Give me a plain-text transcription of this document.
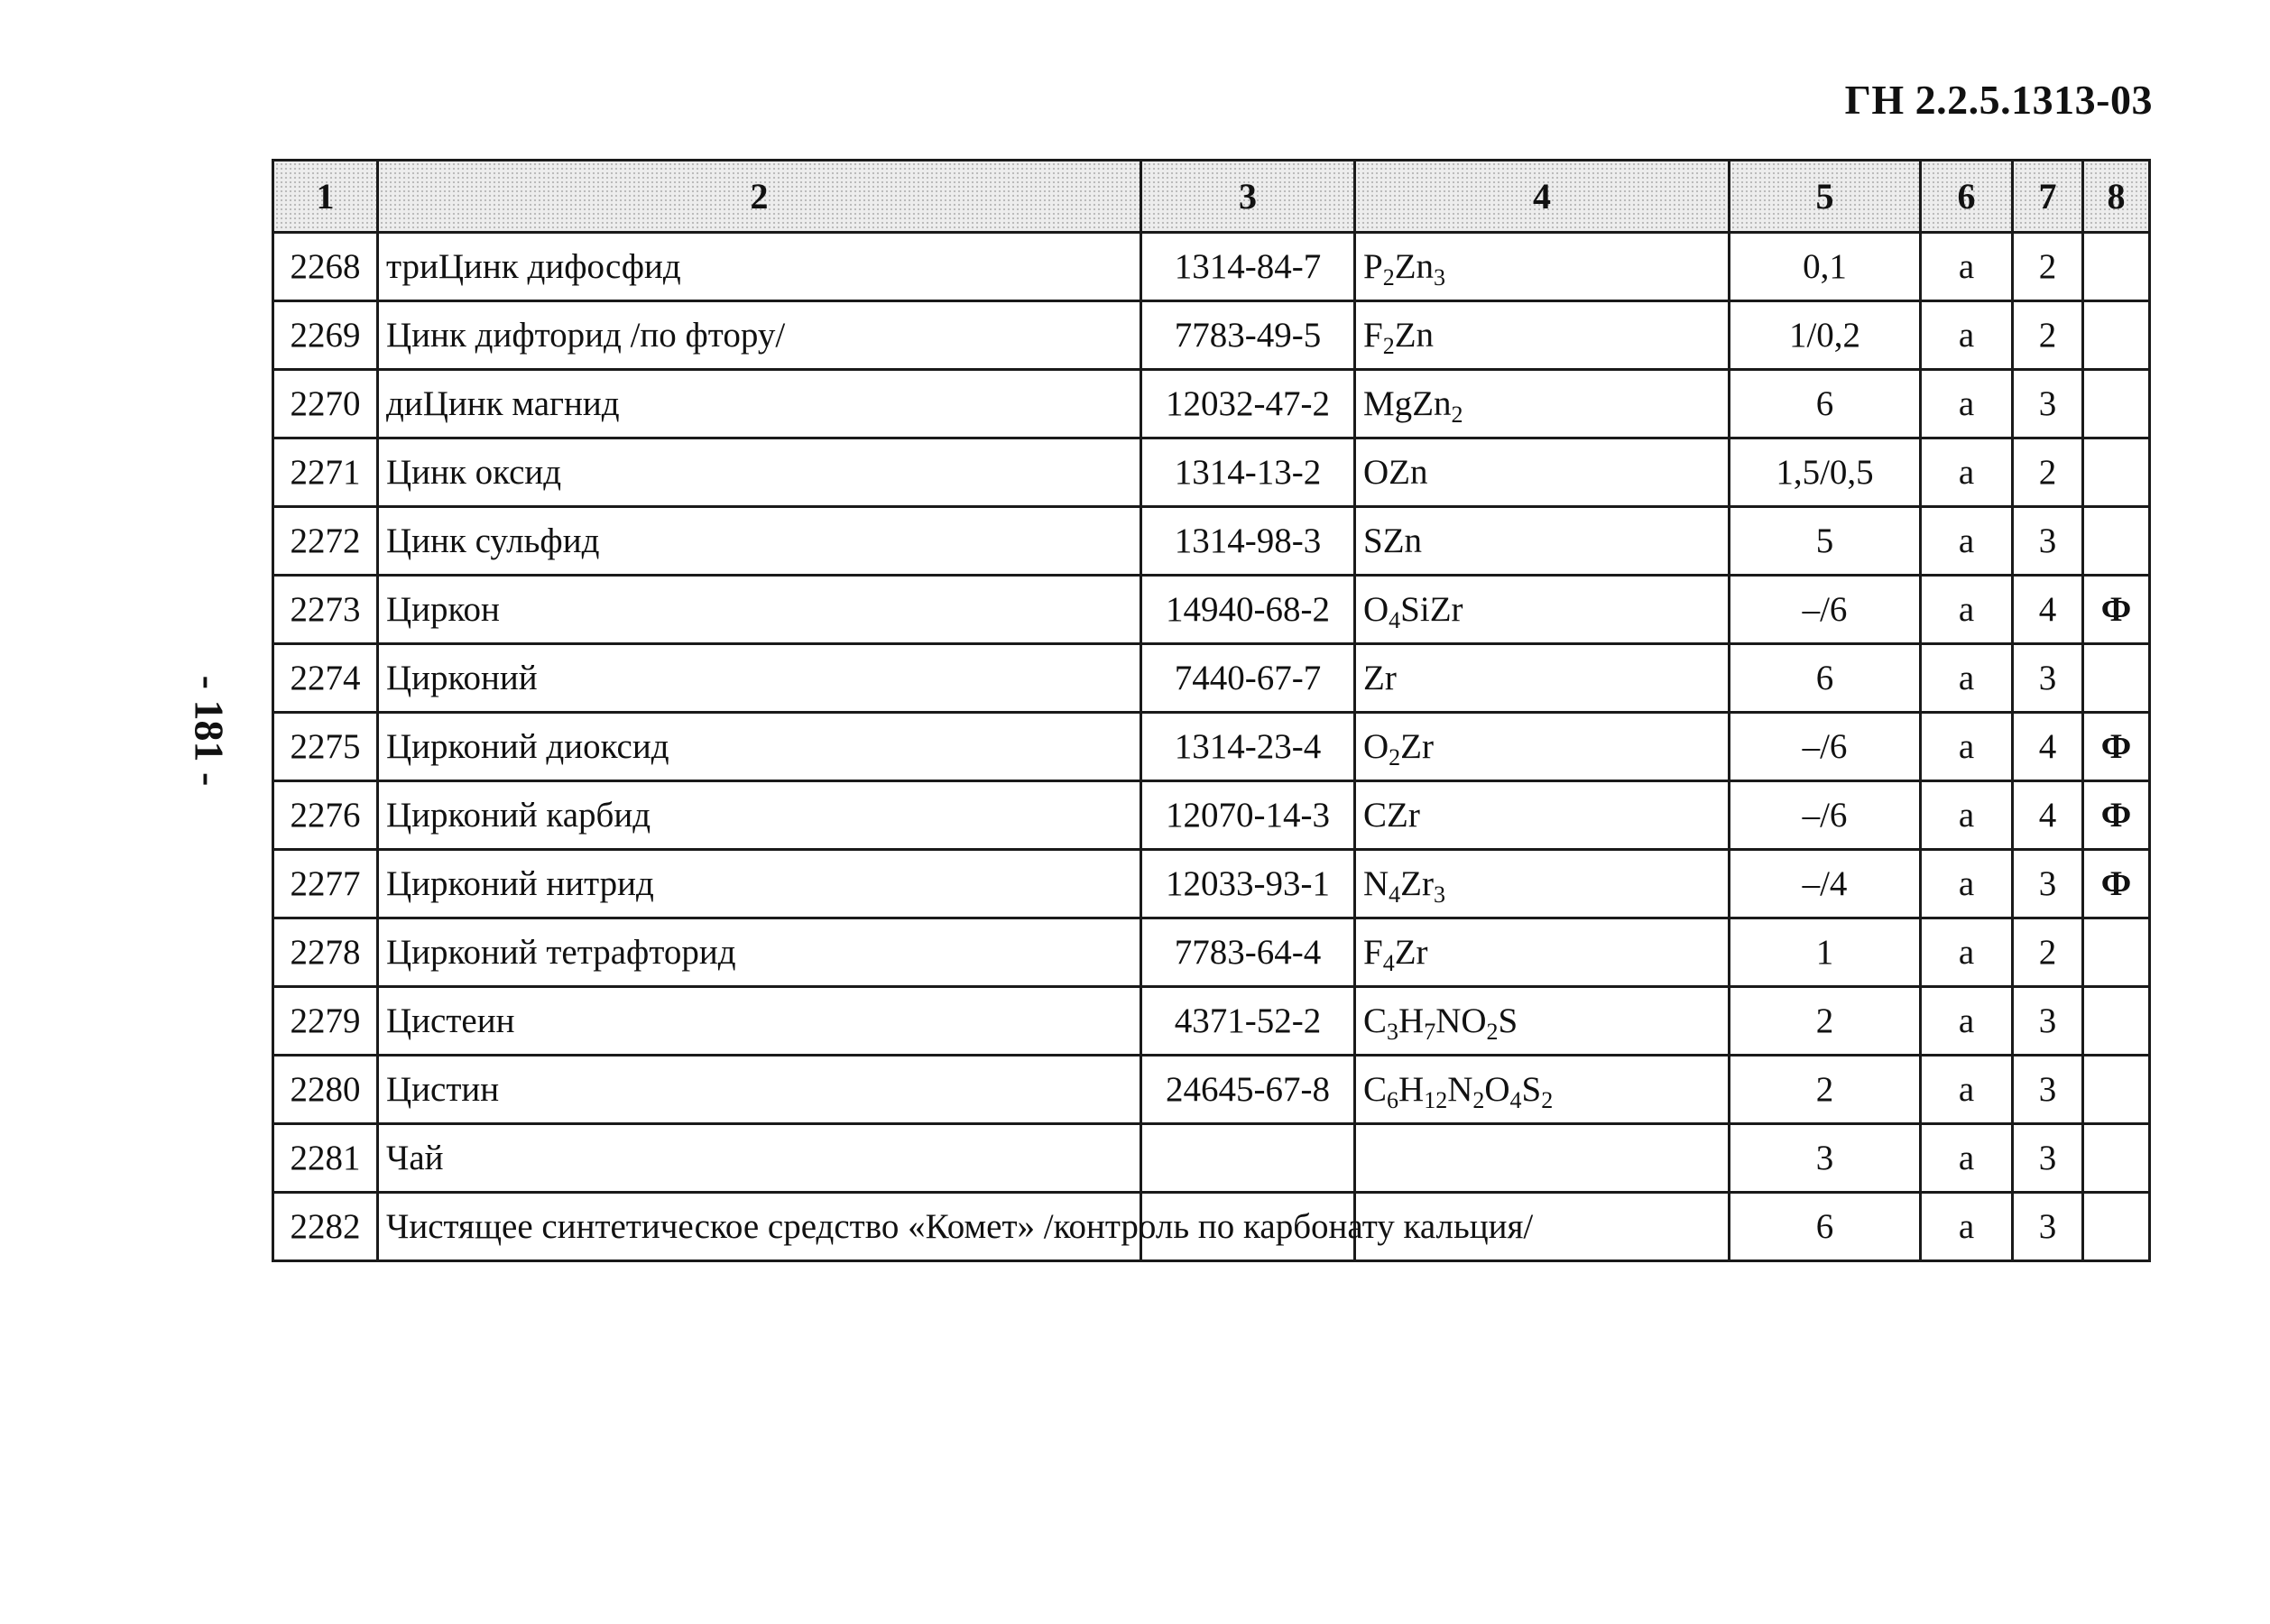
ГН 2.2.5.1313-03
- 181 -
1	2	3	4	5	6	7	8
2268	триЦинк дифосфид	1314-84-7	$P_2Zn_3$	0,1	а	2	
2269	Цинк дифторид /по фтору/	7783-49-5	$F_2Zn$	1/0,2	а	2	
2270	диЦинк магнид	12032-47-2	MgZn$_2$	6	а	3	
2271	Цинк оксид	1314-13-2	OZn	1,5/0,5	а	2	
2272	Цинк сульфид	1314-98-3	SZn	5	а	3	
2273	Циркон	14940-68-2	$O_4SiZr$	–/6	а	4	Ф
2274	Цирконий	7440-67-7	Zr	6	а	3	
2275	Цирконий диоксид	1314-23-4	$O_2Zr$	–/6	а	4	Ф
2276	Цирконий карбид	12070-14-3	CZr	–/6	а	4	Ф
2277	Цирконий нитрид	12033-93-1	$N_4Zr_3$	–/4	а	3	Ф
2278	Цирконий тетрафторид	7783-64-4	$F_4Zr$	1	а	2	
2279	Цистеин	4371-52-2	$C_3H_7NO_2S$	2	а	3	
2280	Цистин	24645-67-8	$C_6H_{12}N_2O_4S_2$	2	а	3	
2281	Чай			3	а	3	
2282	Чистящее синтетическое средство «Комет» /контроль по карбонату кальция/			6	а	3	
